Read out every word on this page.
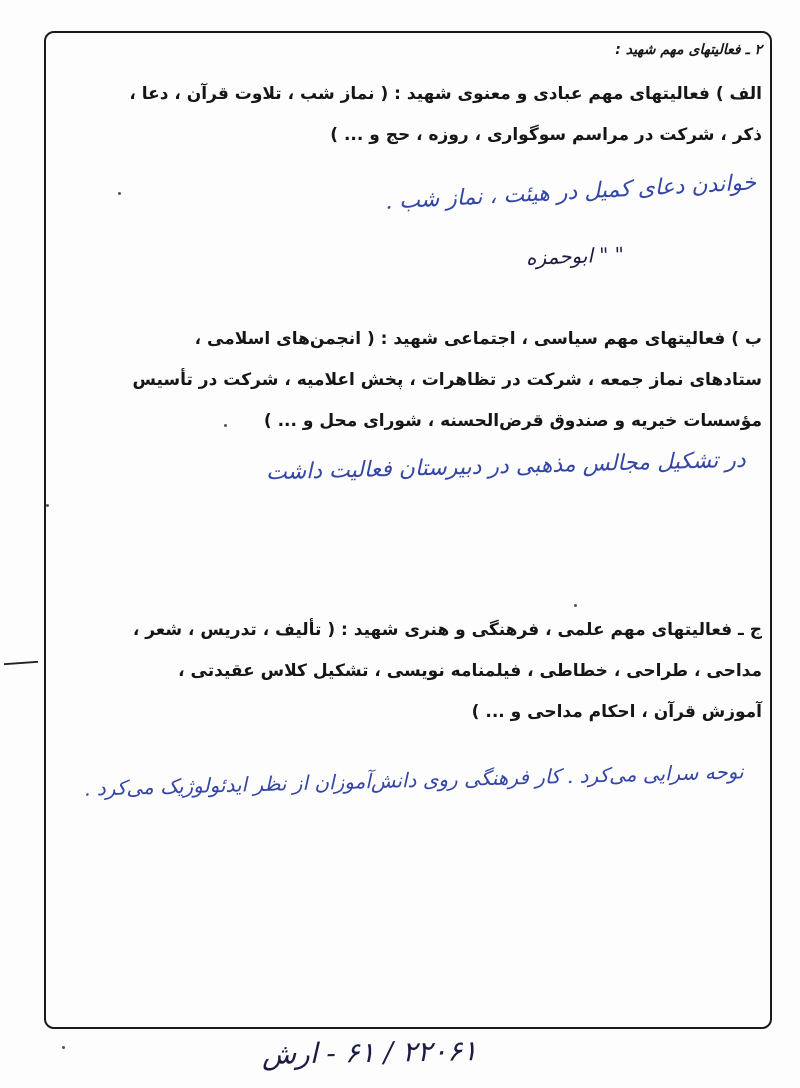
٢ ـ فعالیتهای مهم شهید :
الف ) فعالیتهای مهم عبادی و معنوی شهید : ( نماز شب ، تلاوت قرآن ، دعا ،
ذکر ، شرکت در مراسم سوگواری ، روزه ، حج و ... )
خواندن دعای کمیل در هیئت ، نماز شب .
" " ابوحمزه
ب ) فعالیتهای مهم سیاسی ، اجتماعی شهید : ( انجمن‌های اسلامی ،
ستادهای نماز جمعه ، شرکت در تظاهرات ، پخش اعلامیه ، شرکت در تأسیس
مؤسسات خیریه و صندوق قرض‌الحسنه ، شورای محل و ... )
در تشکیل مجالس مذهبی در دبیرستان فعالیت داشت
ج ـ فعالیتهای مهم علمی ، فرهنگی و هنری شهید : ( تألیف ، تدریس ، شعر ،
مداحی ، طراحی ، خطاطی ، فیلمنامه نویسی ، تشکیل کلاس عقیدتی ،
آموزش قرآن ، احکام مداحی و ... )
نوحه سرایی می‌کرد . کار فرهنگی روی دانش‌آموزان از نظر ایدئولوژیک می‌کرد .
۲۲۰۶۱ / ۶۱ - ارش
